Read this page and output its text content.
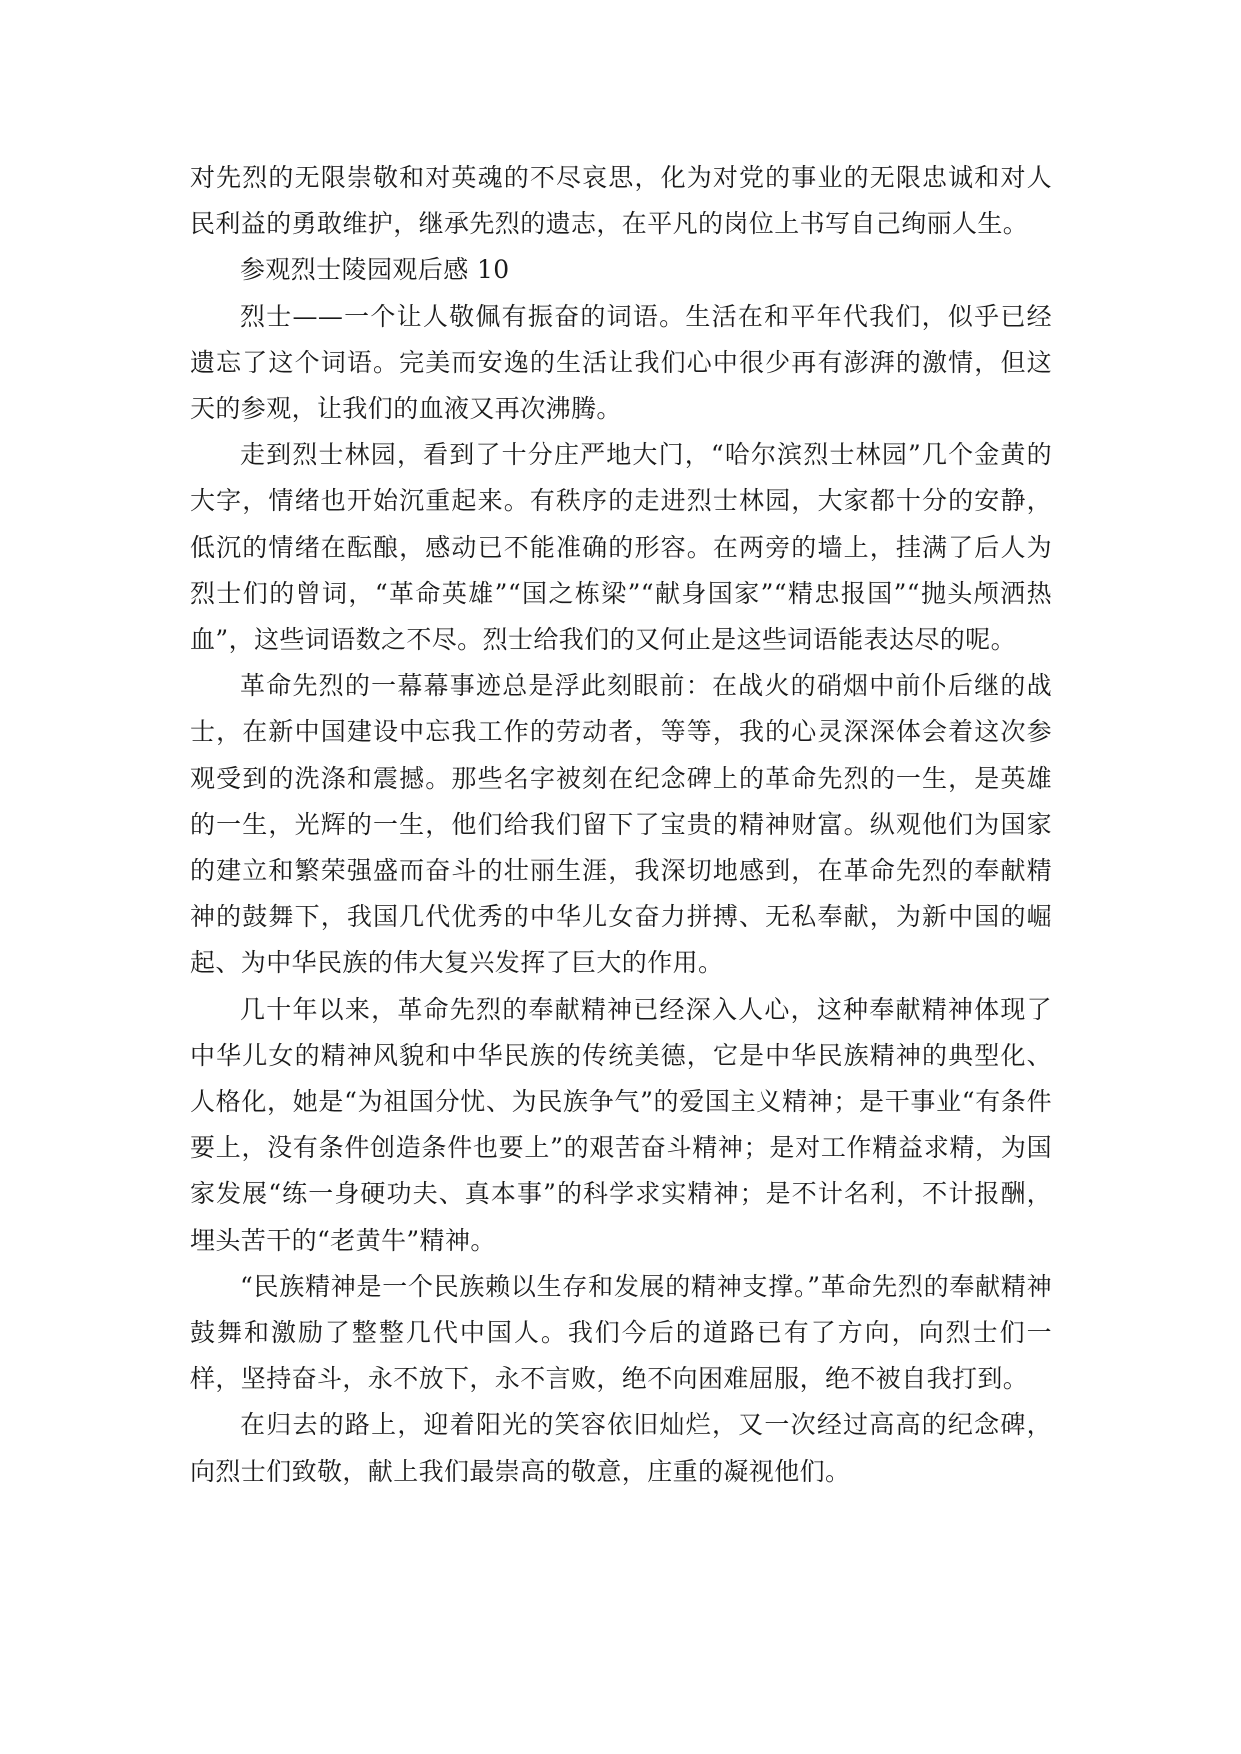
对先烈的无限崇敬和对英魂的不尽哀思，化为对党的事业的无限忠诚和对人民利益的勇敢维护，继承先烈的遗志，在平凡的岗位上书写自己绚丽人生。

参观烈士陵园观后感 10

烈士——一个让人敬佩有振奋的词语。生活在和平年代我们，似乎已经遗忘了这个词语。完美而安逸的生活让我们心中很少再有澎湃的激情，但这天的参观，让我们的血液又再次沸腾。

走到烈士林园，看到了十分庄严地大门，“哈尔滨烈士林园”几个金黄的大字，情绪也开始沉重起来。有秩序的走进烈士林园，大家都十分的安静，低沉的情绪在酝酿，感动已不能准确的形容。在两旁的墙上，挂满了后人为烈士们的曾词，“革命英雄”“国之栋梁”“献身国家”“精忠报国”“抛头颅洒热血”，这些词语数之不尽。烈士给我们的又何止是这些词语能表达尽的呢。

革命先烈的一幕幕事迹总是浮此刻眼前：在战火的硝烟中前仆后继的战士，在新中国建设中忘我工作的劳动者，等等，我的心灵深深体会着这次参观受到的洗涤和震撼。那些名字被刻在纪念碑上的革命先烈的一生，是英雄的一生，光辉的一生，他们给我们留下了宝贵的精神财富。纵观他们为国家的建立和繁荣强盛而奋斗的壮丽生涯，我深切地感到，在革命先烈的奉献精神的鼓舞下，我国几代优秀的中华儿女奋力拼搏、无私奉献，为新中国的崛起、为中华民族的伟大复兴发挥了巨大的作用。

几十年以来，革命先烈的奉献精神已经深入人心，这种奉献精神体现了中华儿女的精神风貌和中华民族的传统美德，它是中华民族精神的典型化、人格化，她是“为祖国分忧、为民族争气”的爱国主义精神；是干事业“有条件要上，没有条件创造条件也要上”的艰苦奋斗精神；是对工作精益求精，为国家发展“练一身硬功夫、真本事”的科学求实精神；是不计名利，不计报酬，埋头苦干的“老黄牛”精神。

“民族精神是一个民族赖以生存和发展的精神支撑。”革命先烈的奉献精神鼓舞和激励了整整几代中国人。我们今后的道路已有了方向，向烈士们一样，坚持奋斗，永不放下，永不言败，绝不向困难屈服，绝不被自我打到。

在归去的路上，迎着阳光的笑容依旧灿烂，又一次经过高高的纪念碑，向烈士们致敬，献上我们最崇高的敬意，庄重的凝视他们。
